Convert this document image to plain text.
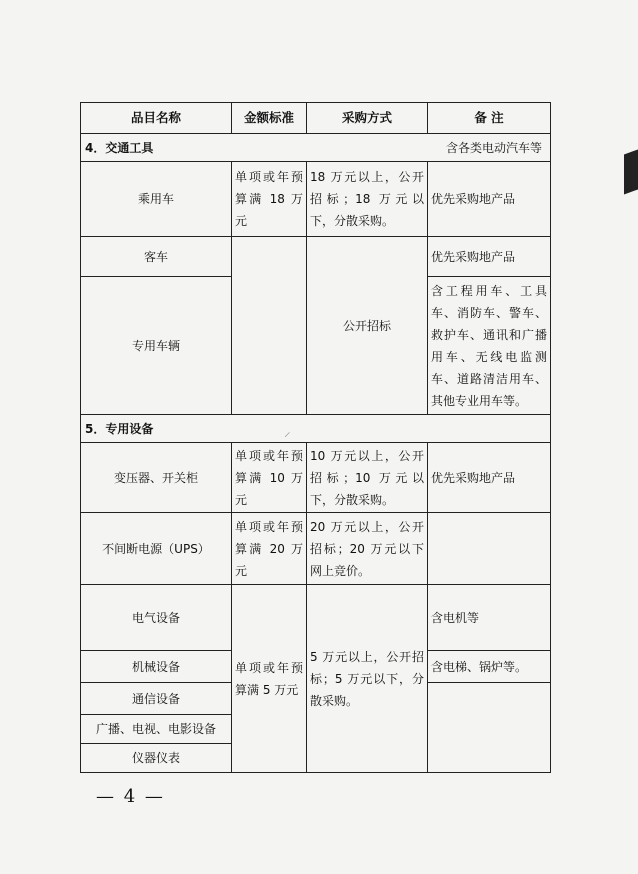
品目名称	金额标准	采购方式	备 注

4．交通工具 含各类电动汽车等			

乘用车	单项或年预算满 18 万元	18 万元以上，公开招标；18 万元以下，分散采购。	优先采购地产品
客车		公开招标	优先采购地产品
专用车辆			含工程用车、工具车、消防车、警车、救护车、通讯和广播用车、无线电监测车、道路清洁用车、其他专业用车等。

5．专用设备			

变压器、开关柜	单项或年预算满 10 万元	10 万元以上，公开招标；10 万元以下，分散采购。	优先采购地产品
不间断电源（UPS）	单项或年预算满 20 万元	20 万元以上，公开招标；20 万元以下网上竞价。	
电气设备	单项或年预算满 5 万元	5 万元以上，公开招标；5 万元以下，分散采购。	含电机等
机械设备			含电梯、锅炉等。
通信设备			
广播、电视、电影设备			
仪器仪表			
⸝
— 4 —
